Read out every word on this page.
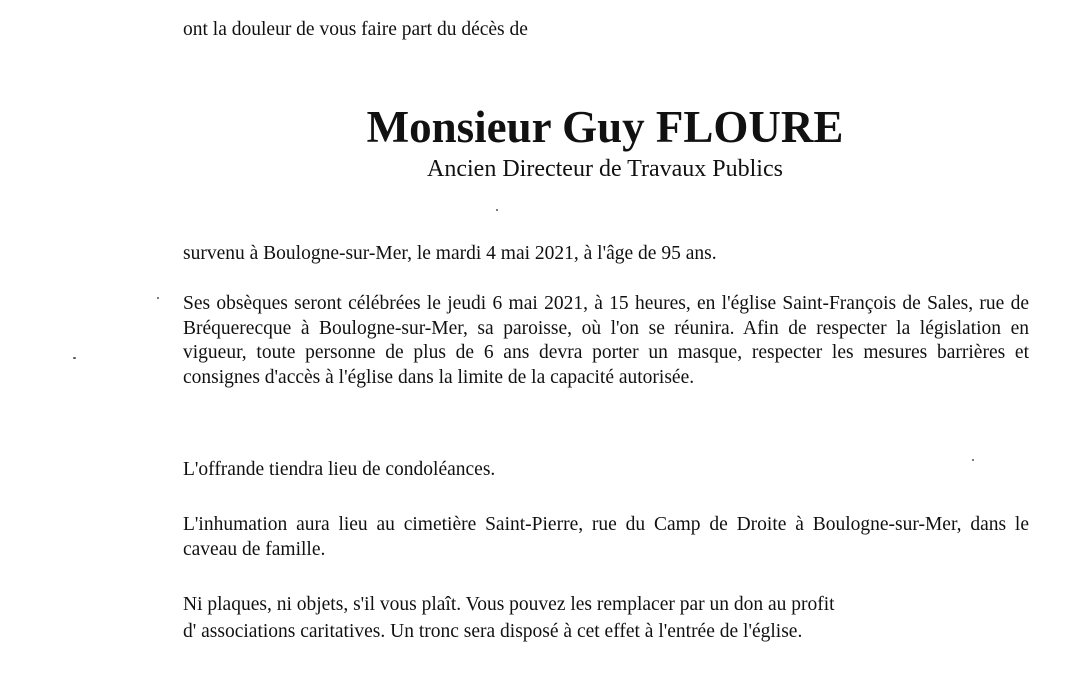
ont la douleur de vous faire part du décès de
Monsieur Guy FLOURE
Ancien Directeur de Travaux Publics
survenu à Boulogne-sur-Mer, le mardi 4 mai 2021, à l'âge de 95 ans.
Ses obsèques seront célébrées le jeudi 6 mai 2021, à 15 heures, en l'église Saint-François de Sales, rue de Bréquerecque à Boulogne-sur-Mer, sa paroisse, où l'on se réunira. Afin de respecter la législation en vigueur, toute personne de plus de 6 ans devra porter un masque, respecter les mesures barrières et consignes d'accès à l'église dans la limite de la capacité autorisée.
L'offrande tiendra lieu de condoléances.
L'inhumation aura lieu au cimetière Saint-Pierre, rue du Camp de Droite à Boulogne-sur-Mer, dans le caveau de famille.
Ni plaques, ni objets, s'il vous plaît. Vous pouvez les remplacer par un don au profit
d' associations caritatives. Un tronc sera disposé à cet effet à l'entrée de l'église.
